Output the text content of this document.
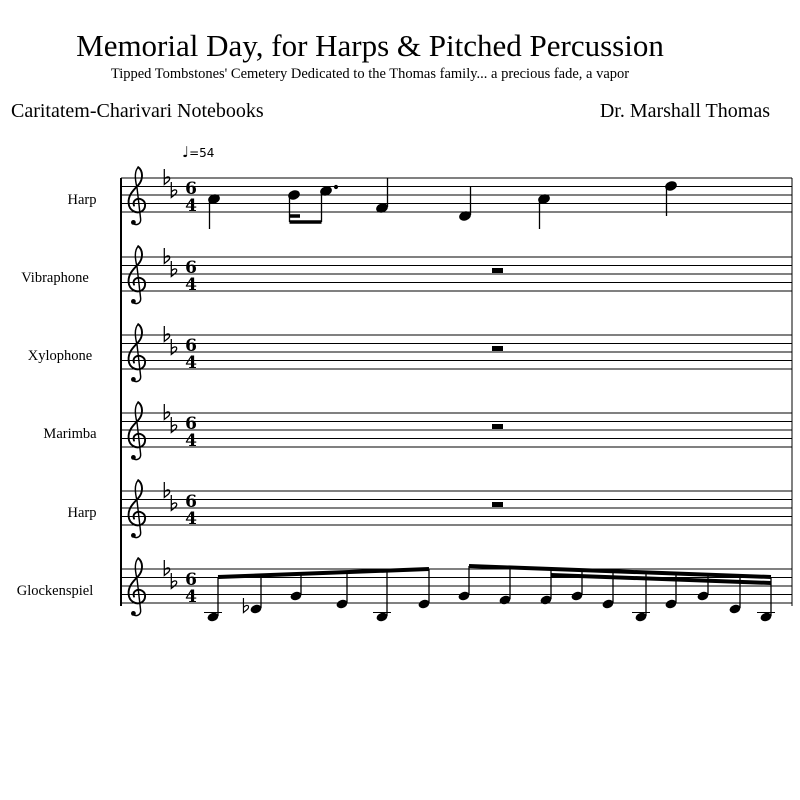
Memorial Day, for Harps & Pitched Percussion
Tipped Tombstones' Cemetery Dedicated to the Thomas family... a precious fade, a vapor
Caritatem-Charivari Notebooks	Dr. Marshall Thomas
♩=54
Harp
Vibraphone
Xylophone
Marimba
Harp
Glockenspiel
6
4
6
4
6
4
6
4
6
4
6
4
